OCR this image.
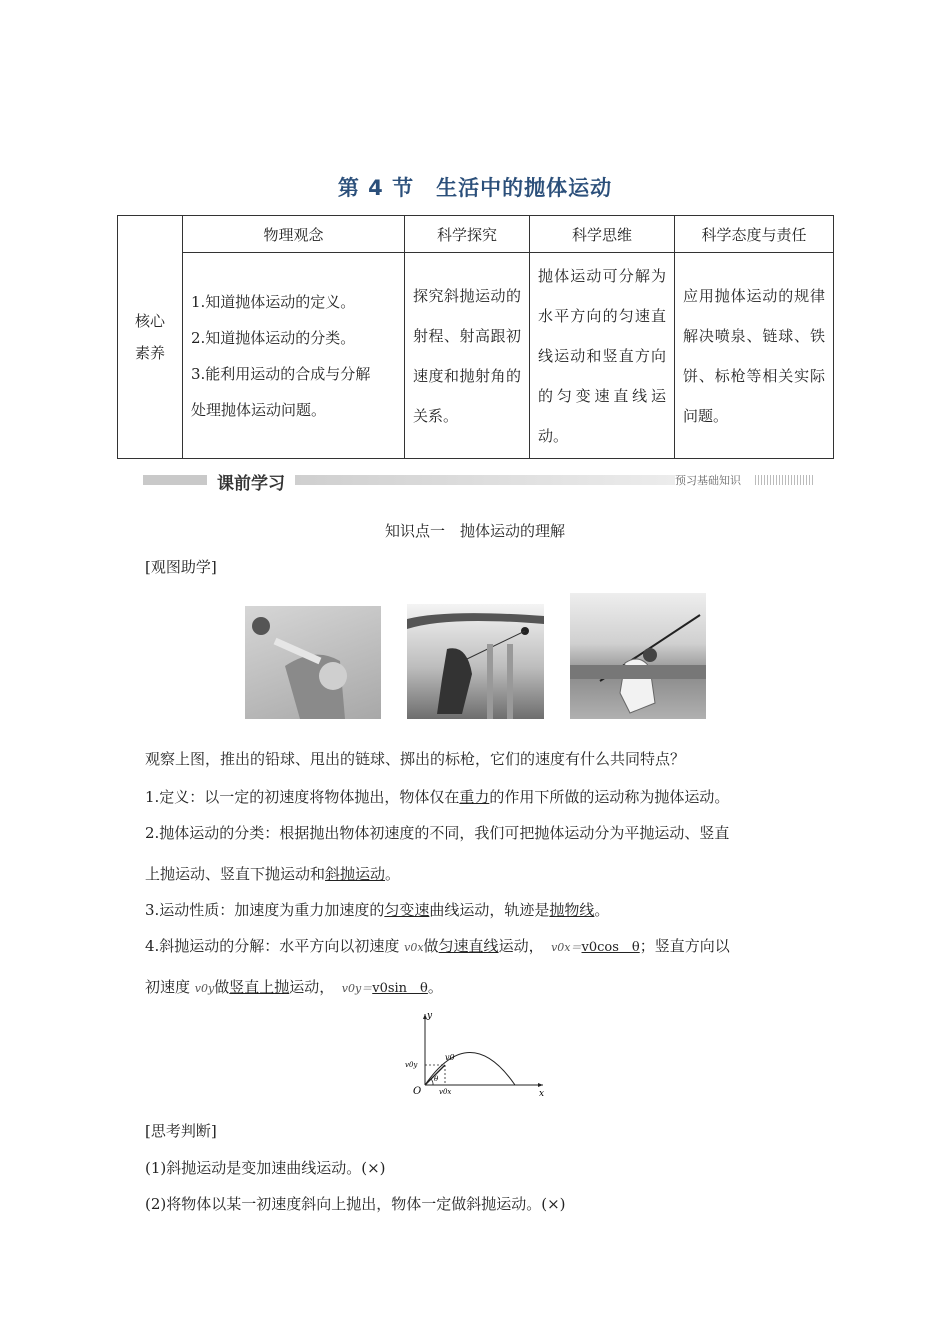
第 4 节　生活中的抛体运动
核心
素养	物理观念	科学探究	科学思维	科学态度与责任

	1.知道抛体运动的定义。
2.知道抛体运动的分类。
3.能利用运动的合成与分解
处理抛体运动问题。	探究斜抛运动的射程、射高跟初速度和抛射角的关系。	抛体运动可分解为水平方向的匀速直线运动和竖直方向的匀变速直线运动。	应用抛体运动的规律解决喷泉、链球、铁饼、标枪等相关实际问题。
课前学习	预习基础知识
知识点一　抛体运动的理解
[观图助学]
观察上图，推出的铅球、甩出的链球、掷出的标枪，它们的速度有什么共同特点？
1.定义：以一定的初速度将物体抛出，物体仅在重力的作用下所做的运动称为抛体运动。
2.抛体运动的分类：根据抛出物体初速度的不同，我们可把抛体运动分为平抛运动、竖直
上抛运动、竖直下抛运动和斜抛运动。
3.运动性质：加速度为重力加速度的匀变速曲线运动，轨迹是抛物线。
4.斜抛运动的分解：水平方向以初速度 v0x做匀速直线运动，　 v0x＝v0cos　θ；竖直方向以
初速度 v0y做竖直上抛运动，　 v0y＝v0sin　θ。
y
x
O
v0
v0y
v0x
θ
[思考判断]
(1)斜抛运动是变加速曲线运动。(×)
(2)将物体以某一初速度斜向上抛出，物体一定做斜抛运动。(×)
